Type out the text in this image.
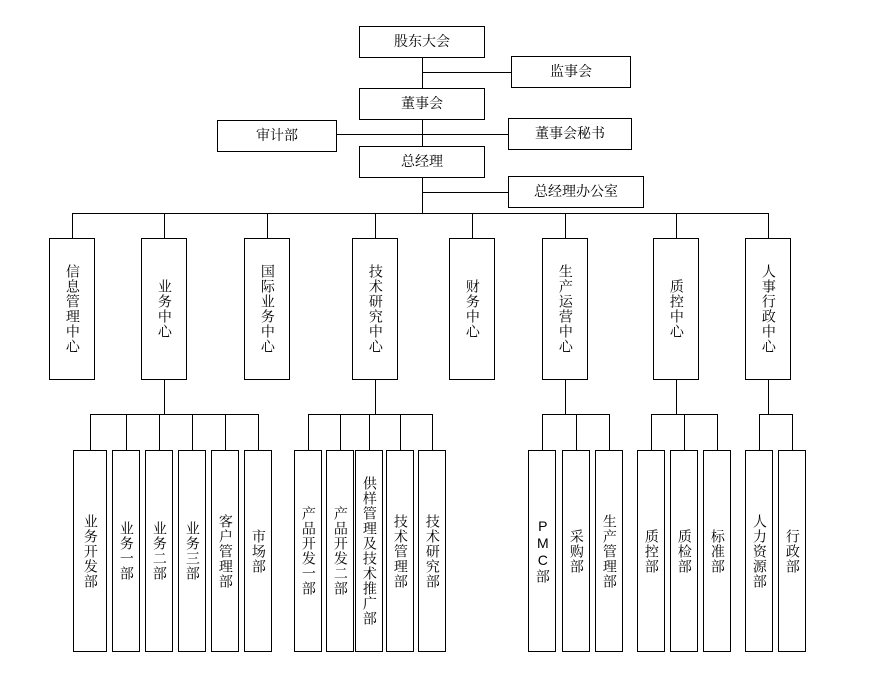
股东大会
监事会
董事会
审计部	董事会秘书
总经理
总经理办公室
信息管理中心	业务中心	国际业务中心	技术研究中心	财务中心	生产运营中心	质控中心	人事行政中心
业务开发部	业务一部	业务二部	业务三部	客户管理部	市场部	产品开发一部	产品开发二部 供样管理及技术推广部	技术管理部	技术研究部	PMC部	采购部	生产管理部	质控部	质检部	标准部	人力资源部	行政部
